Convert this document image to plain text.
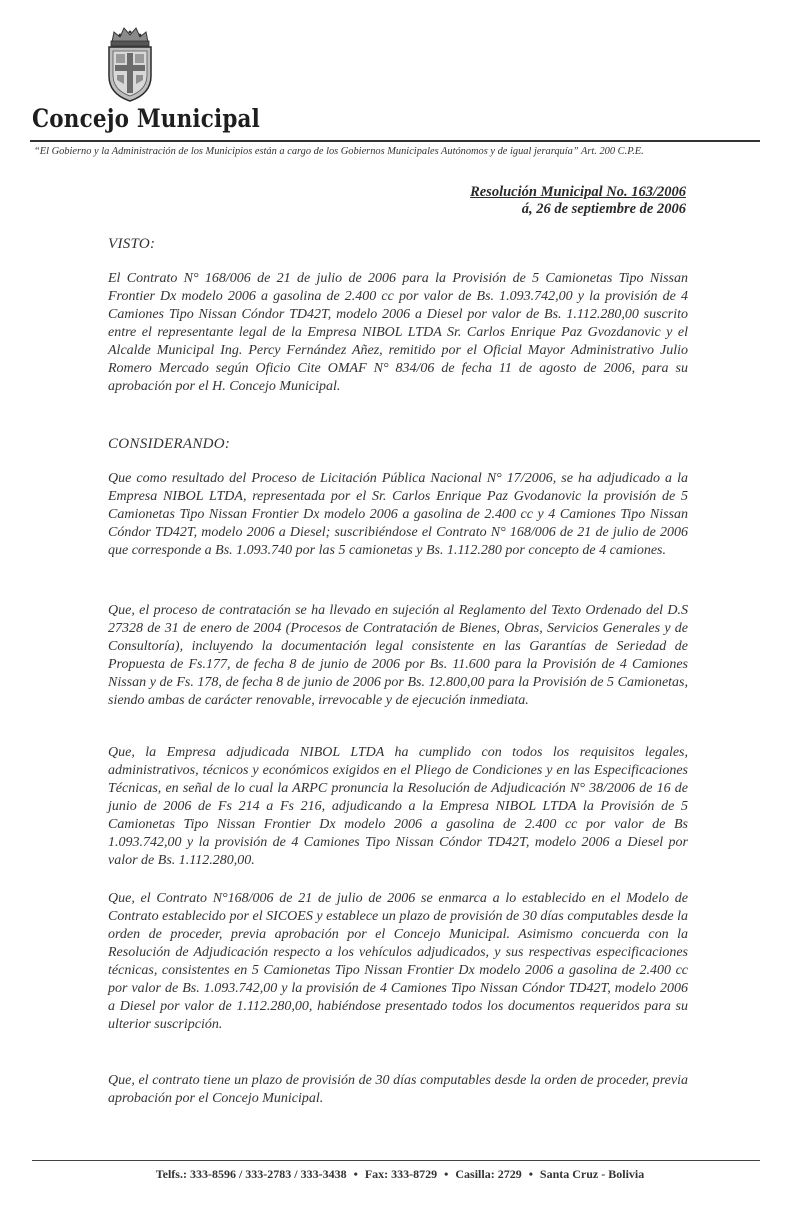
Concejo Municipal
“El Gobierno y la Administración de los Municipios están a cargo de los Gobiernos Municipales Autónomos y de igual jerarquía” Art. 200 C.P.E.
Resolución Municipal No. 163/2006
á, 26 de septiembre de 2006
VISTO:

El Contrato N° 168/006 de 21 de julio de 2006 para la Provisión de 5 Camionetas Tipo Nissan Frontier Dx modelo 2006 a gasolina de 2.400 cc por valor de Bs. 1.093.742,00 y la provisión de 4 Camiones Tipo Nissan Cóndor TD42T, modelo 2006 a Diesel por valor de Bs. 1.112.280,00 suscrito entre el representante legal de la Empresa NIBOL LTDA Sr. Carlos Enrique Paz Gvozdanovic y el Alcalde Municipal Ing. Percy Fernández Añez, remitido por el Oficial Mayor Administrativo Julio Romero Mercado según Oficio Cite OMAF N° 834/06 de fecha 11 de agosto de 2006, para su aprobación por el H. Concejo Municipal.

CONSIDERANDO:

Que como resultado del Proceso de Licitación Pública Nacional N° 17/2006, se ha adjudicado a la Empresa NIBOL LTDA, representada por el Sr. Carlos Enrique Paz Gvodanovic la provisión de 5 Camionetas Tipo Nissan Frontier Dx modelo 2006 a gasolina de 2.400 cc y 4 Camiones Tipo Nissan Cóndor TD42T, modelo 2006 a Diesel; suscribiéndose el Contrato N° 168/006 de 21 de julio de 2006 que corresponde a Bs. 1.093.740 por las 5 camionetas y Bs. 1.112.280 por concepto de 4 camiones.

Que, el proceso de contratación se ha llevado en sujeción al Reglamento del Texto Ordenado del D.S 27328 de 31 de enero de 2004 (Procesos de Contratación de Bienes, Obras, Servicios Generales y de Consultoría), incluyendo la documentación legal consistente en las Garantías de Seriedad de Propuesta de Fs.177, de fecha 8 de junio de 2006 por Bs. 11.600 para la Provisión de 4 Camiones Nissan y de Fs. 178, de fecha 8 de junio de 2006 por Bs. 12.800,00 para la Provisión de 5 Camionetas, siendo ambas de carácter renovable, irrevocable y de ejecución inmediata.

Que, la Empresa adjudicada NIBOL LTDA ha cumplido con todos los requisitos legales, administrativos, técnicos y económicos exigidos en el Pliego de Condiciones y en las Especificaciones Técnicas, en señal de lo cual la ARPC pronuncia la Resolución de Adjudicación N° 38/2006 de 16 de junio de 2006 de Fs 214 a Fs 216, adjudicando a la Empresa NIBOL LTDA la Provisión de 5 Camionetas Tipo Nissan Frontier Dx modelo 2006 a gasolina de 2.400 cc por valor de Bs 1.093.742,00 y la provisión de 4 Camiones Tipo Nissan Cóndor TD42T, modelo 2006 a Diesel por valor de Bs. 1.112.280,00.

Que, el Contrato N°168/006 de 21 de julio de 2006 se enmarca a lo establecido en el Modelo de Contrato establecido por el SICOES y establece un plazo de provisión de 30 días computables desde la orden de proceder, previa aprobación por el Concejo Municipal. Asimismo concuerda con la Resolución de Adjudicación respecto a los vehículos adjudicados, y sus respectivas especificaciones técnicas, consistentes en 5 Camionetas Tipo Nissan Frontier Dx modelo 2006 a gasolina de 2.400 cc por valor de Bs. 1.093.742,00 y la provisión de 4 Camiones Tipo Nissan Cóndor TD42T, modelo 2006 a Diesel por valor de 1.112.280,00, habiéndose presentado todos los documentos requeridos para su ulterior suscripción.

Que, el contrato tiene un plazo de provisión de 30 días computables desde la orden de proceder, previa aprobación por el Concejo Municipal.

Telfs.: 333-8596 / 333-2783 / 333-3438 • Fax: 333-8729 • Casilla: 2729 • Santa Cruz - Bolivia
